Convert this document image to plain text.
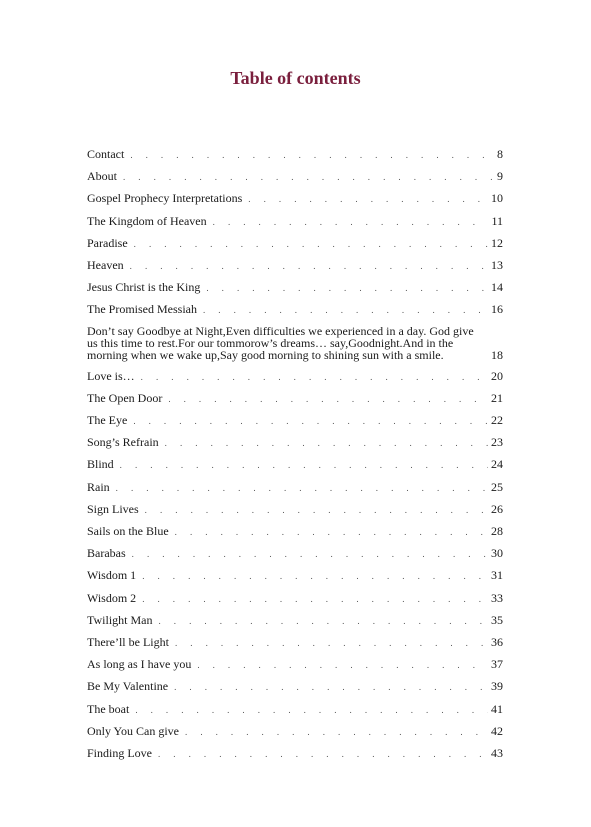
Table of contents
Contact . . .	8
About . . .	9
Gospel Prophecy Interpretations . . .	10
The Kingdom of Heaven . . .	11
Paradise . . .	12
Heaven . . .	13
Jesus Christ is the King . . .	14
The Promised Messiah . . .	16
Don’t say Goodbye at Night,Even difficulties we experienced in a day. God give us this time to rest.For our tommorow’s dreams… say,Goodnight.And in the morning when we wake up,Say good morning to shining sun with a smile.	18
Love is… . . .	20
The Open Door . . .	21
The Eye . . .	22
Song’s Refrain . . .	23
Blind . . .	24
Rain . . .	25
Sign Lives . . .	26
Sails on the Blue . . .	28
Barabas . . .	30
Wisdom 1 . . .	31
Wisdom 2 . . .	33
Twilight Man . . .	35
There’ll be Light . . .	36
As long as I have you . . .	37
Be My Valentine . . .	39
The boat . . .	41
Only You Can give . . .	42
Finding Love . . .	43
